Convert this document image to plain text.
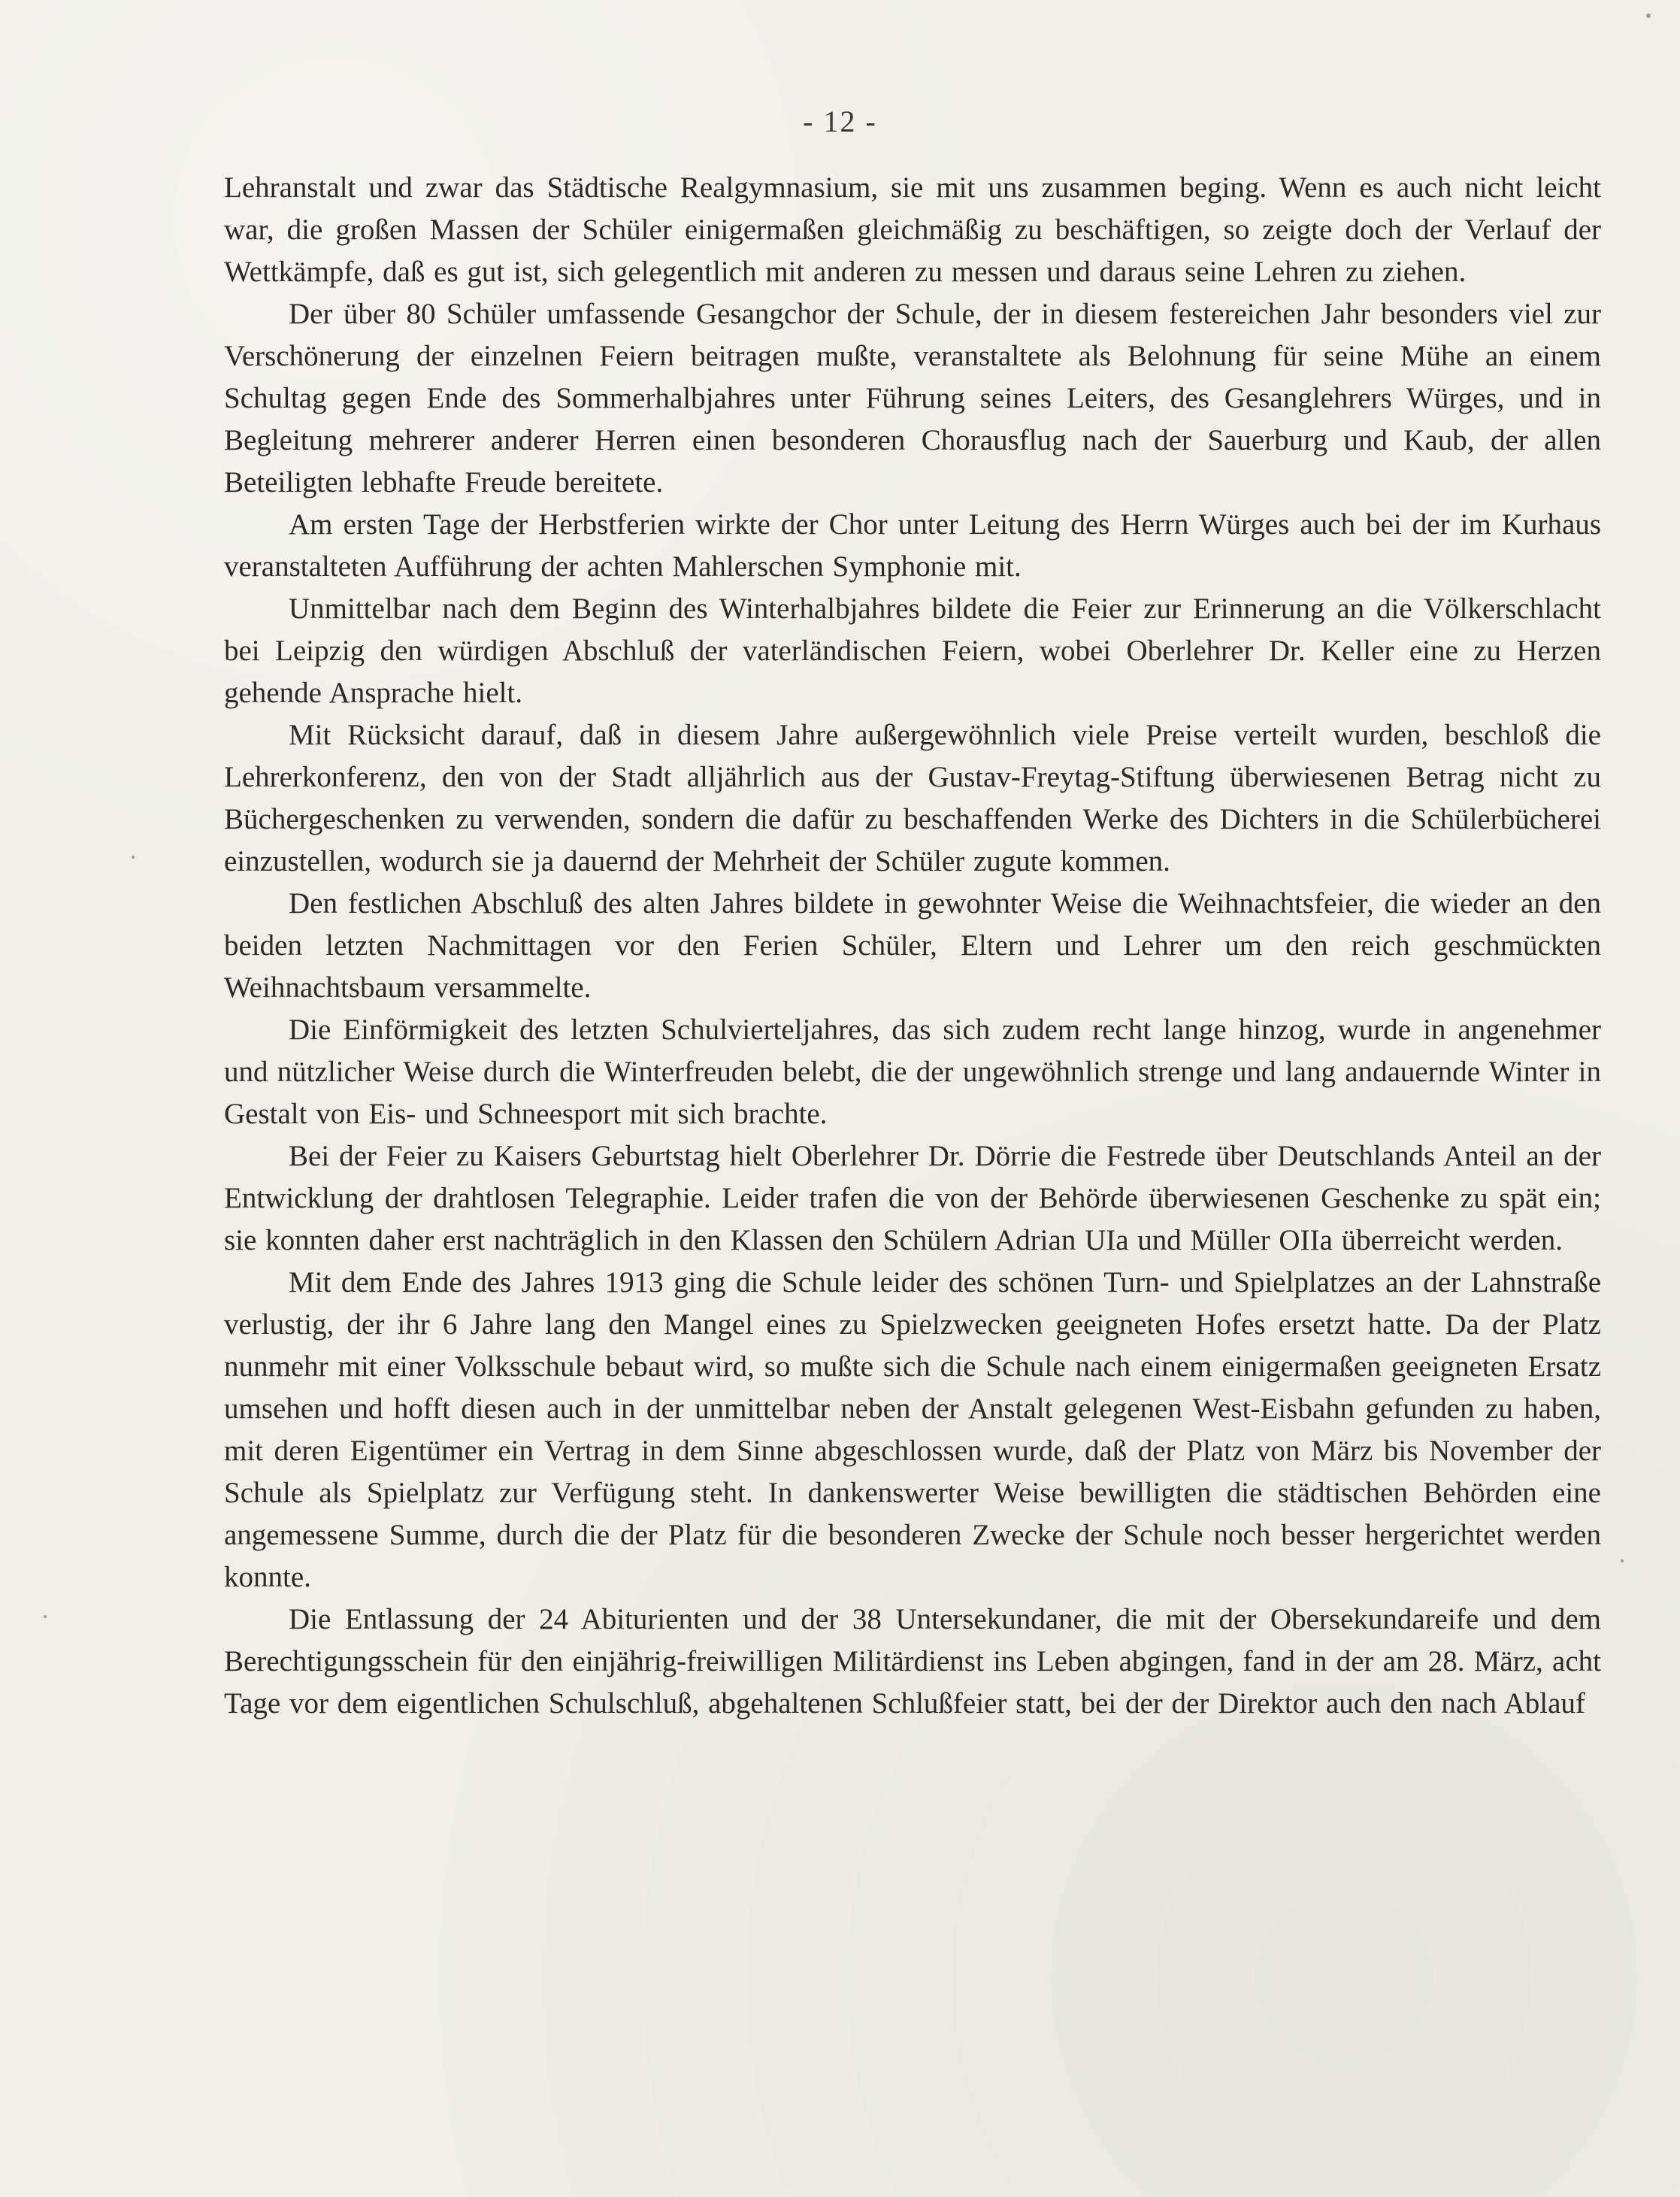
- 12 -

Lehranstalt und zwar das Städtische Realgymnasium, sie mit uns zusammen beging. Wenn es auch nicht leicht war, die großen Massen der Schüler einigermaßen gleichmäßig zu beschäftigen, so zeigte doch der Verlauf der Wettkämpfe, daß es gut ist, sich gelegentlich mit anderen zu messen und daraus seine Lehren zu ziehen.

Der über 80 Schüler umfassende Gesangchor der Schule, der in diesem festereichen Jahr besonders viel zur Verschönerung der einzelnen Feiern beitragen mußte, veranstaltete als Belohnung für seine Mühe an einem Schultag gegen Ende des Sommerhalbjahres unter Führung seines Leiters, des Gesanglehrers Würges, und in Begleitung mehrerer anderer Herren einen besonderen Chorausflug nach der Sauerburg und Kaub, der allen Beteiligten lebhafte Freude bereitete.

Am ersten Tage der Herbstferien wirkte der Chor unter Leitung des Herrn Würges auch bei der im Kurhaus veranstalteten Aufführung der achten Mahlerschen Symphonie mit.

Unmittelbar nach dem Beginn des Winterhalbjahres bildete die Feier zur Erinnerung an die Völkerschlacht bei Leipzig den würdigen Abschluß der vaterländischen Feiern, wobei Oberlehrer Dr. Keller eine zu Herzen gehende Ansprache hielt.

Mit Rücksicht darauf, daß in diesem Jahre außergewöhnlich viele Preise verteilt wurden, beschloß die Lehrerkonferenz, den von der Stadt alljährlich aus der Gustav-Freytag-Stiftung überwiesenen Betrag nicht zu Büchergeschenken zu verwenden, sondern die dafür zu beschaffenden Werke des Dichters in die Schülerbücherei einzustellen, wodurch sie ja dauernd der Mehrheit der Schüler zugute kommen.

Den festlichen Abschluß des alten Jahres bildete in gewohnter Weise die Weihnachtsfeier, die wieder an den beiden letzten Nachmittagen vor den Ferien Schüler, Eltern und Lehrer um den reich geschmückten Weihnachtsbaum versammelte.

Die Einförmigkeit des letzten Schulvierteljahres, das sich zudem recht lange hinzog, wurde in angenehmer und nützlicher Weise durch die Winterfreuden belebt, die der ungewöhnlich strenge und lang andauernde Winter in Gestalt von Eis- und Schneesport mit sich brachte.

Bei der Feier zu Kaisers Geburtstag hielt Oberlehrer Dr. Dörrie die Festrede über Deutschlands Anteil an der Entwicklung der drahtlosen Telegraphie. Leider trafen die von der Behörde überwiesenen Geschenke zu spät ein; sie konnten daher erst nachträglich in den Klassen den Schülern Adrian UIa und Müller OIIa überreicht werden.

Mit dem Ende des Jahres 1913 ging die Schule leider des schönen Turn- und Spielplatzes an der Lahnstraße verlustig, der ihr 6 Jahre lang den Mangel eines zu Spielzwecken geeigneten Hofes ersetzt hatte. Da der Platz nunmehr mit einer Volksschule bebaut wird, so mußte sich die Schule nach einem einigermaßen geeigneten Ersatz umsehen und hofft diesen auch in der unmittelbar neben der Anstalt gelegenen West-Eisbahn gefunden zu haben, mit deren Eigentümer ein Vertrag in dem Sinne abgeschlossen wurde, daß der Platz von März bis November der Schule als Spielplatz zur Verfügung steht. In dankenswerter Weise bewilligten die städtischen Behörden eine angemessene Summe, durch die der Platz für die besonderen Zwecke der Schule noch besser hergerichtet werden konnte.

Die Entlassung der 24 Abiturienten und der 38 Untersekundaner, die mit der Obersekundareife und dem Berechtigungsschein für den einjährig-freiwilligen Militärdienst ins Leben abgingen, fand in der am 28. März, acht Tage vor dem eigentlichen Schulschluß, abgehaltenen Schlußfeier statt, bei der der Direktor auch den nach Ablauf
